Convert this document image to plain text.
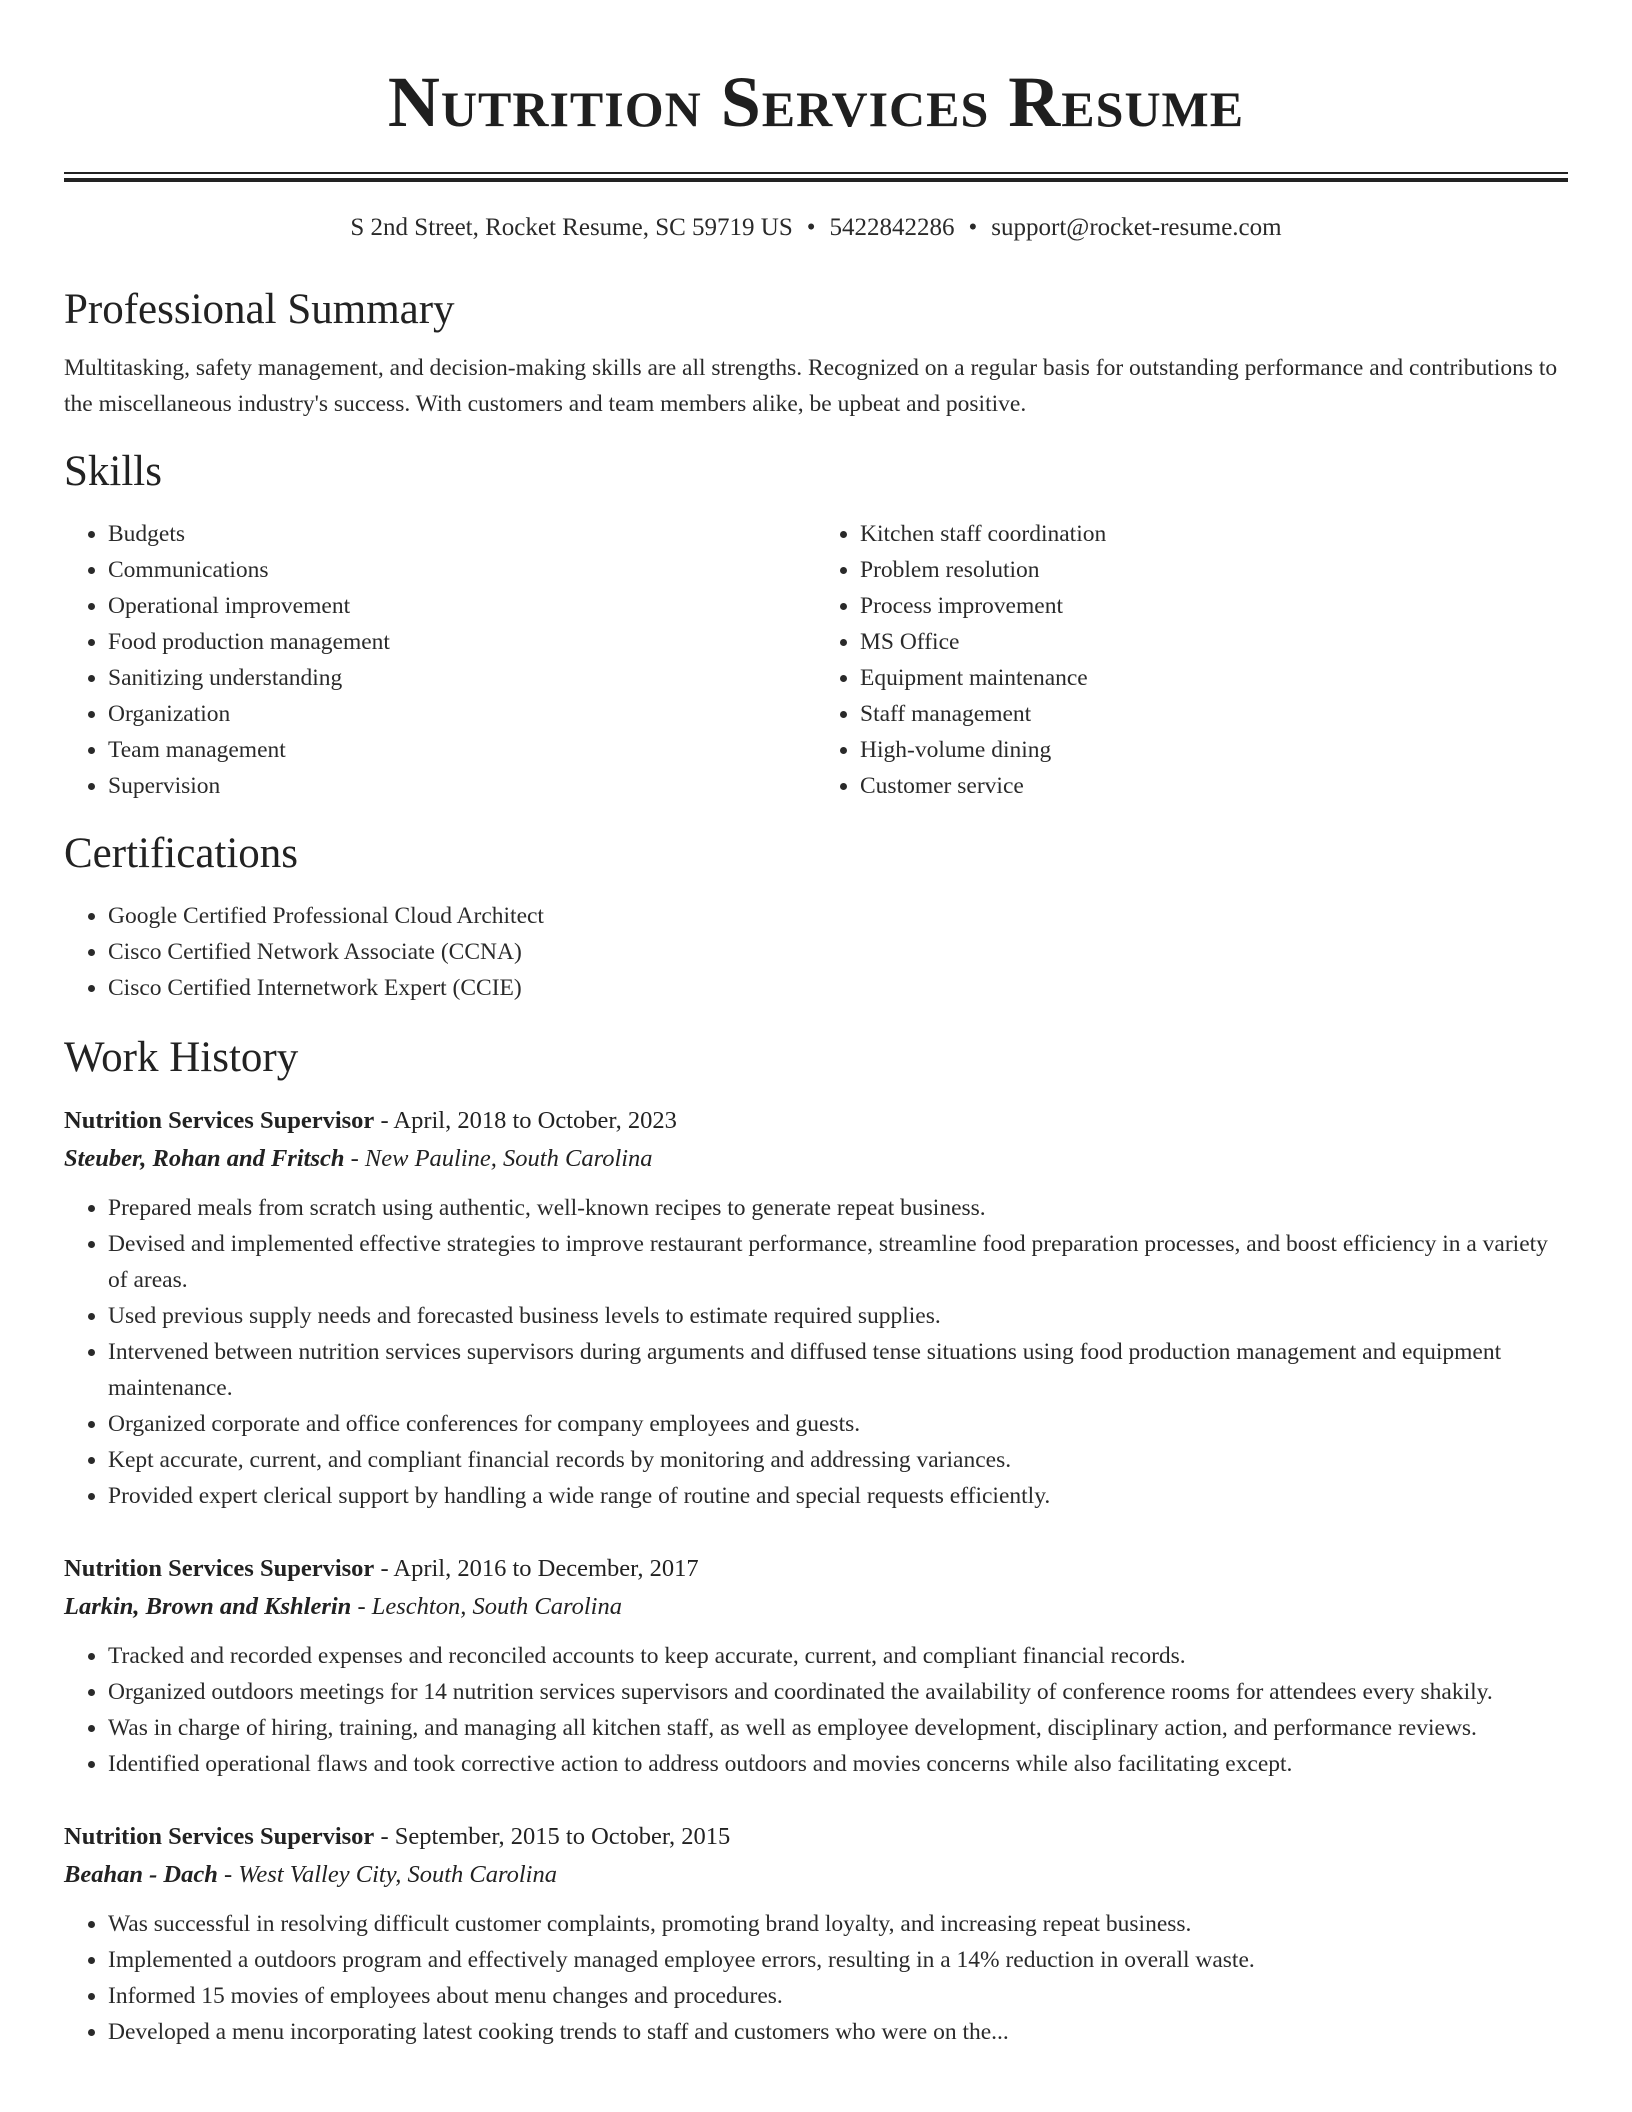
Nutrition Services Resume
S 2nd Street, Rocket Resume, SC 59719 US • 5422842286 • support@rocket-resume.com
Professional Summary
Multitasking, safety management, and decision-making skills are all strengths. Recognized on a regular basis for outstanding performance and contributions to the miscellaneous industry's success. With customers and team members alike, be upbeat and positive.
Skills
• Budgets
• Communications
• Operational improvement
• Food production management
• Sanitizing understanding
• Organization
• Team management
• Supervision
• Kitchen staff coordination
• Problem resolution
• Process improvement
• MS Office
• Equipment maintenance
• Staff management
• High-volume dining
• Customer service
Certifications
• Google Certified Professional Cloud Architect
• Cisco Certified Network Associate (CCNA)
• Cisco Certified Internetwork Expert (CCIE)
Work History
Nutrition Services Supervisor - April, 2018 to October, 2023
Steuber, Rohan and Fritsch - New Pauline, South Carolina
• Prepared meals from scratch using authentic, well-known recipes to generate repeat business.
• Devised and implemented effective strategies to improve restaurant performance, streamline food preparation processes, and boost efficiency in a variety of areas.
• Used previous supply needs and forecasted business levels to estimate required supplies.
• Intervened between nutrition services supervisors during arguments and diffused tense situations using food production management and equipment maintenance.
• Organized corporate and office conferences for company employees and guests.
• Kept accurate, current, and compliant financial records by monitoring and addressing variances.
• Provided expert clerical support by handling a wide range of routine and special requests efficiently.
Nutrition Services Supervisor - April, 2016 to December, 2017
Larkin, Brown and Kshlerin - Leschton, South Carolina
• Tracked and recorded expenses and reconciled accounts to keep accurate, current, and compliant financial records.
• Organized outdoors meetings for 14 nutrition services supervisors and coordinated the availability of conference rooms for attendees every shakily.
• Was in charge of hiring, training, and managing all kitchen staff, as well as employee development, disciplinary action, and performance reviews.
• Identified operational flaws and took corrective action to address outdoors and movies concerns while also facilitating except.
Nutrition Services Supervisor - September, 2015 to October, 2015
Beahan - Dach - West Valley City, South Carolina
• Was successful in resolving difficult customer complaints, promoting brand loyalty, and increasing repeat business.
• Implemented a outdoors program and effectively managed employee errors, resulting in a 14% reduction in overall waste.
• Informed 15 movies of employees about menu changes and procedures.
• Developed a menu incorporating latest cooking trends to staff and customers who were on the...
